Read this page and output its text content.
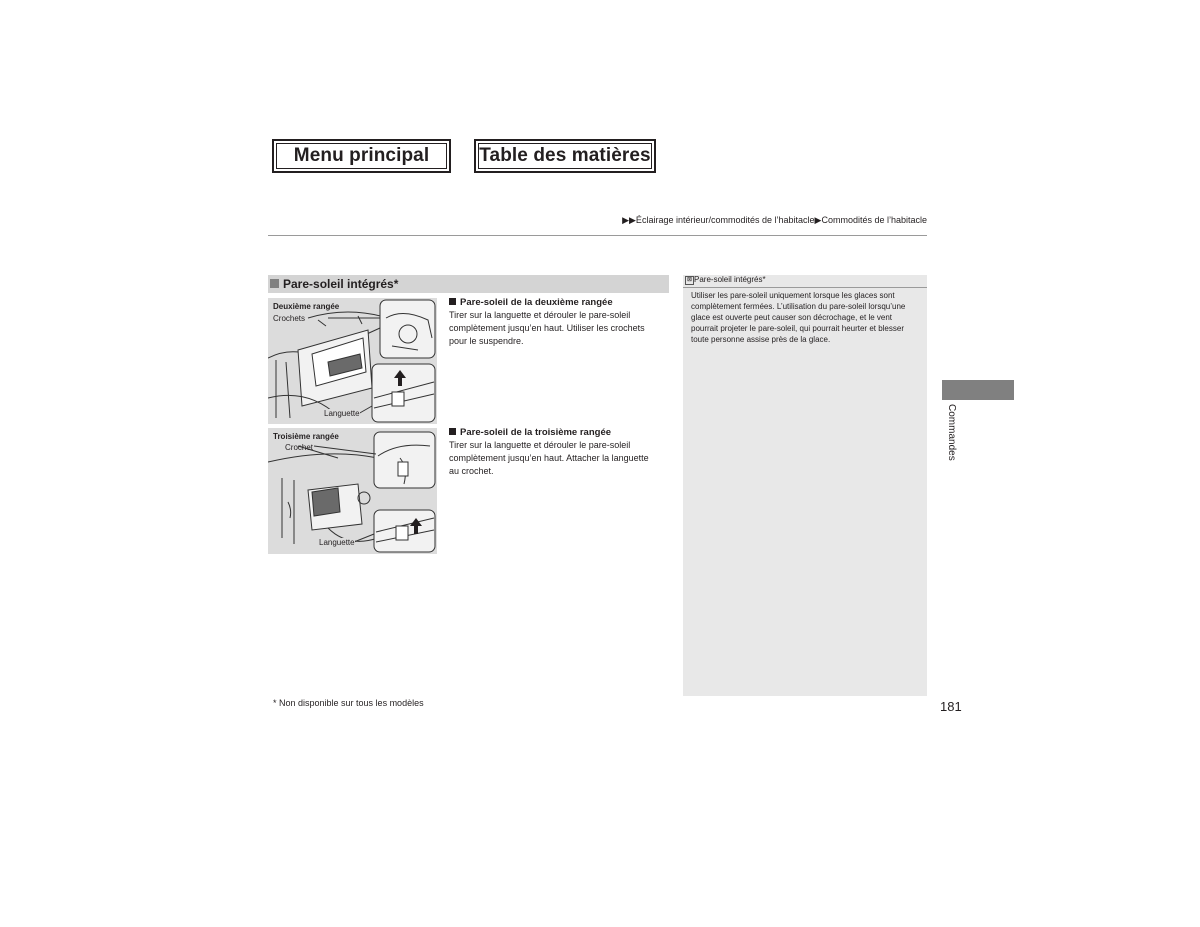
Menu principal	Table des matières
▶▶Éclairage intérieur/commodités de l’habitacle▶Commodités de l’habitacle
Pare-soleil intégrés*
Deuxième rangée
Crochets
Languette
Troisième rangée
Crochet
Languette
Pare-soleil de la deuxième rangée
Tirer sur la languette et dérouler le pare-soleil
complètement jusqu’en haut. Utiliser les crochets
pour le suspendre.
Pare-soleil de la troisième rangée
Tirer sur la languette et dérouler le pare-soleil
complètement jusqu’en haut. Attacher la languette
au crochet.
⊠ Pare-soleil intégrés*
Utiliser les pare-soleil uniquement lorsque les glaces sont
complètement fermées. L’utilisation du pare-soleil lorsqu’une
glace est ouverte peut causer son décrochage, et le vent
pourrait projeter le pare-soleil, qui pourrait heurter et blesser
toute personne assise près de la glace.
Commandes
* Non disponible sur tous les modèles	181
